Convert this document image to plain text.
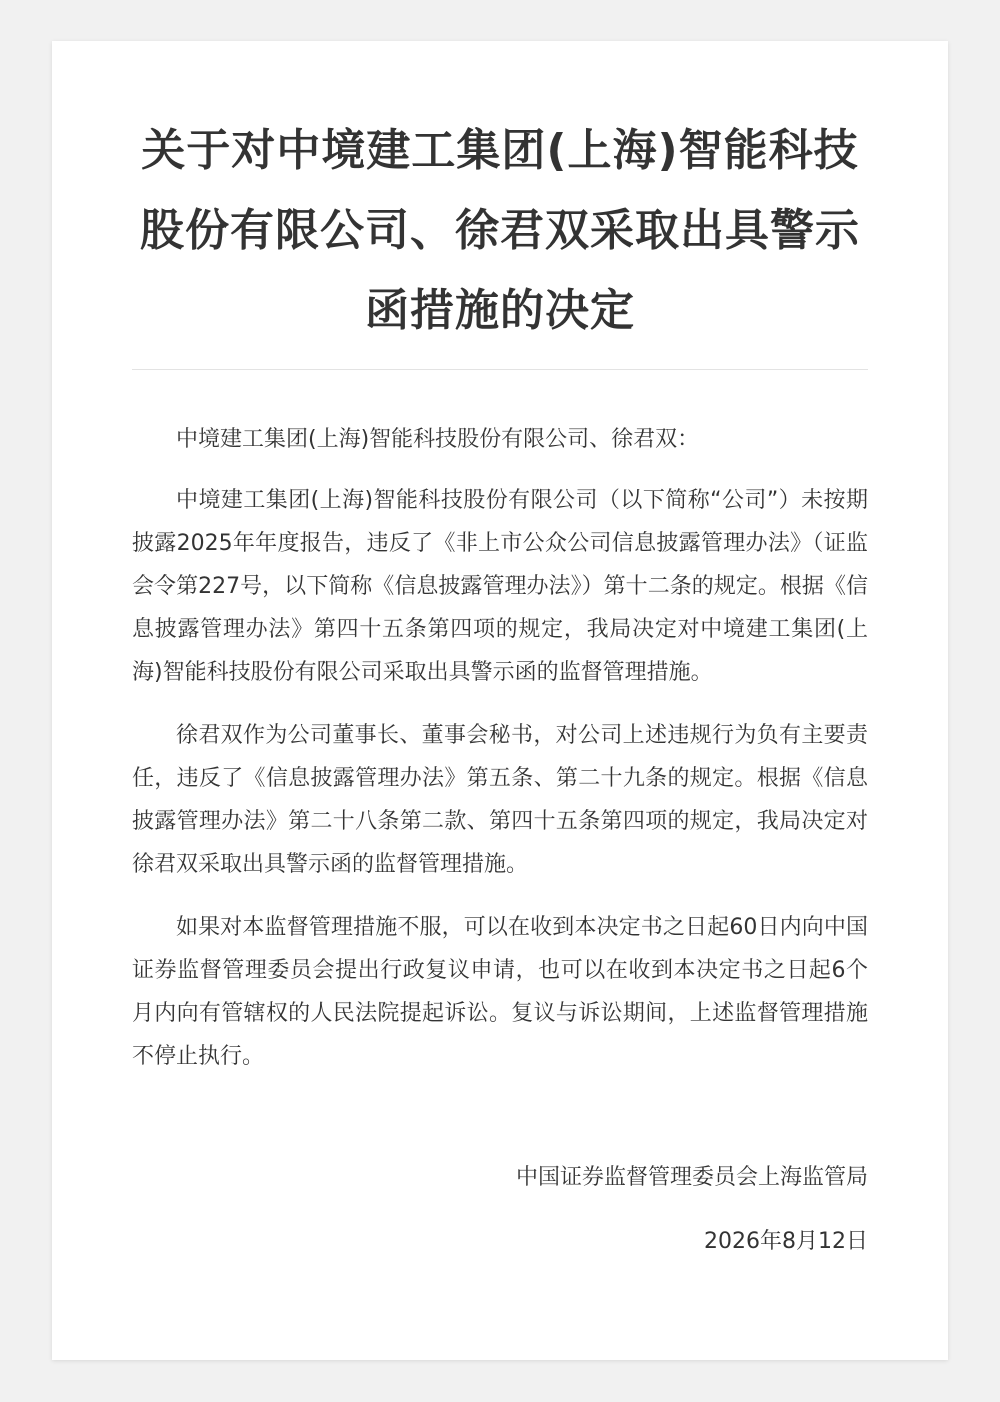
关于对中境建工集团(上海)智能科技股份有限公司、徐君双采取出具警示函措施的决定

中境建工集团(上海)智能科技股份有限公司、徐君双：

中境建工集团(上海)智能科技股份有限公司（以下简称“公司”）未按期披露2025年年度报告，违反了《非上市公众公司信息披露管理办法》（证监会令第227号，以下简称《信息披露管理办法》）第十二条的规定。根据《信息披露管理办法》第四十五条第四项的规定，我局决定对中境建工集团(上海)智能科技股份有限公司采取出具警示函的监督管理措施。

徐君双作为公司董事长、董事会秘书，对公司上述违规行为负有主要责任，违反了《信息披露管理办法》第五条、第二十九条的规定。根据《信息披露管理办法》第二十八条第二款、第四十五条第四项的规定，我局决定对徐君双采取出具警示函的监督管理措施。

如果对本监督管理措施不服，可以在收到本决定书之日起60日内向中国证券监督管理委员会提出行政复议申请，也可以在收到本决定书之日起6个月内向有管辖权的人民法院提起诉讼。复议与诉讼期间，上述监督管理措施不停止执行。

中国证券监督管理委员会上海监管局

2026年8月12日
